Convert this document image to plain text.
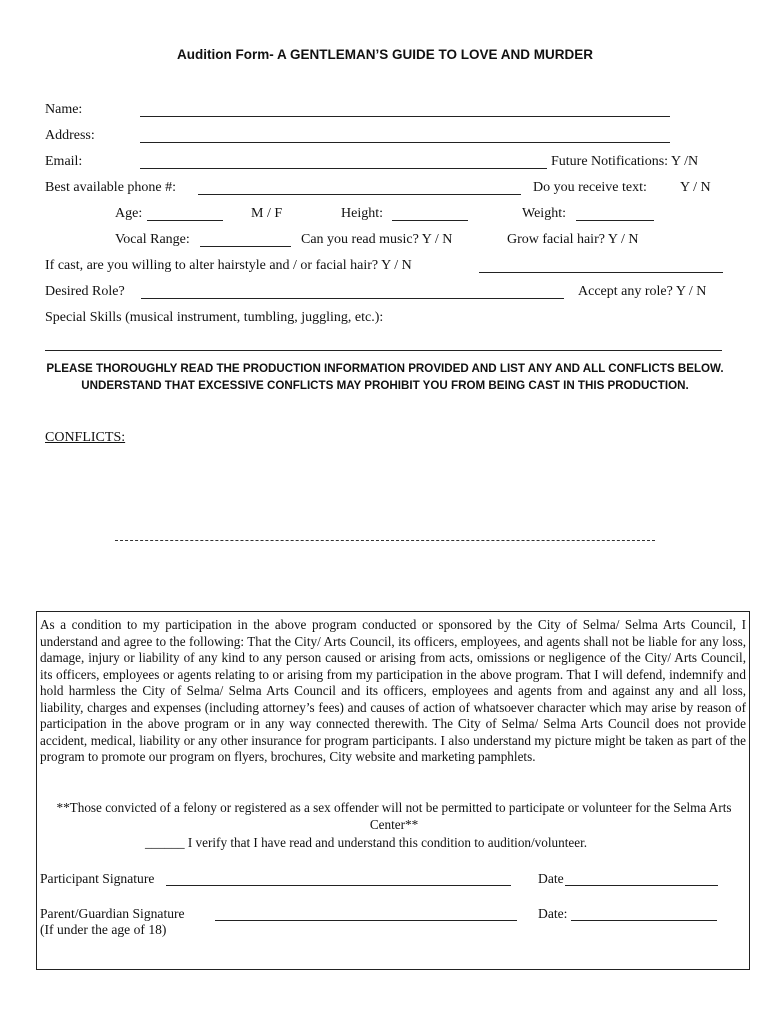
Audition Form- A GENTLEMAN’S GUIDE TO LOVE AND MURDER
Name:
Address:
Email:	Future Notifications: Y /N
Best available phone #:	Do you receive text: Y / N
Age:	M / F	Height:	Weight:
Vocal Range:	Can you read music? Y / N	Grow facial hair? Y / N
If cast, are you willing to alter hairstyle and / or facial hair? Y / N
Desired Role?	Accept any role? Y / N
Special Skills (musical instrument, tumbling, juggling, etc.):
PLEASE THOROUGHLY READ THE PRODUCTION INFORMATION PROVIDED AND LIST ANY AND ALL CONFLICTS BELOW. UNDERSTAND THAT EXCESSIVE CONFLICTS MAY PROHIBIT YOU FROM BEING CAST IN THIS PRODUCTION.
CONFLICTS:
As a condition to my participation in the above program conducted or sponsored by the City of Selma/ Selma Arts Council, I understand and agree to the following: That the City/ Arts Council, its officers, employees, and agents shall not be liable for any loss, damage, injury or liability of any kind to any person caused or arising from acts, omissions or negligence of the City/ Arts Council, its officers, employees or agents relating to or arising from my participation in the above program. That I will defend, indemnify and hold harmless the City of Selma/ Selma Arts Council and its officers, employees and agents from and against any and all loss, liability, charges and expenses (including attorney’s fees) and causes of action of whatsoever character which may arise by reason of participation in the above program or in any way connected therewith. The City of Selma/ Selma Arts Council does not provide accident, medical, liability or any other insurance for program participants. I also understand my picture might be taken as part of the program to promote our program on flyers, brochures, City website and marketing pamphlets.
**Those convicted of a felony or registered as a sex offender will not be permitted to participate or volunteer for the Selma Arts Center**
______ I verify that I have read and understand this condition to audition/volunteer.
Participant Signature	Date
Parent/Guardian Signature	Date:
(If under the age of 18)
